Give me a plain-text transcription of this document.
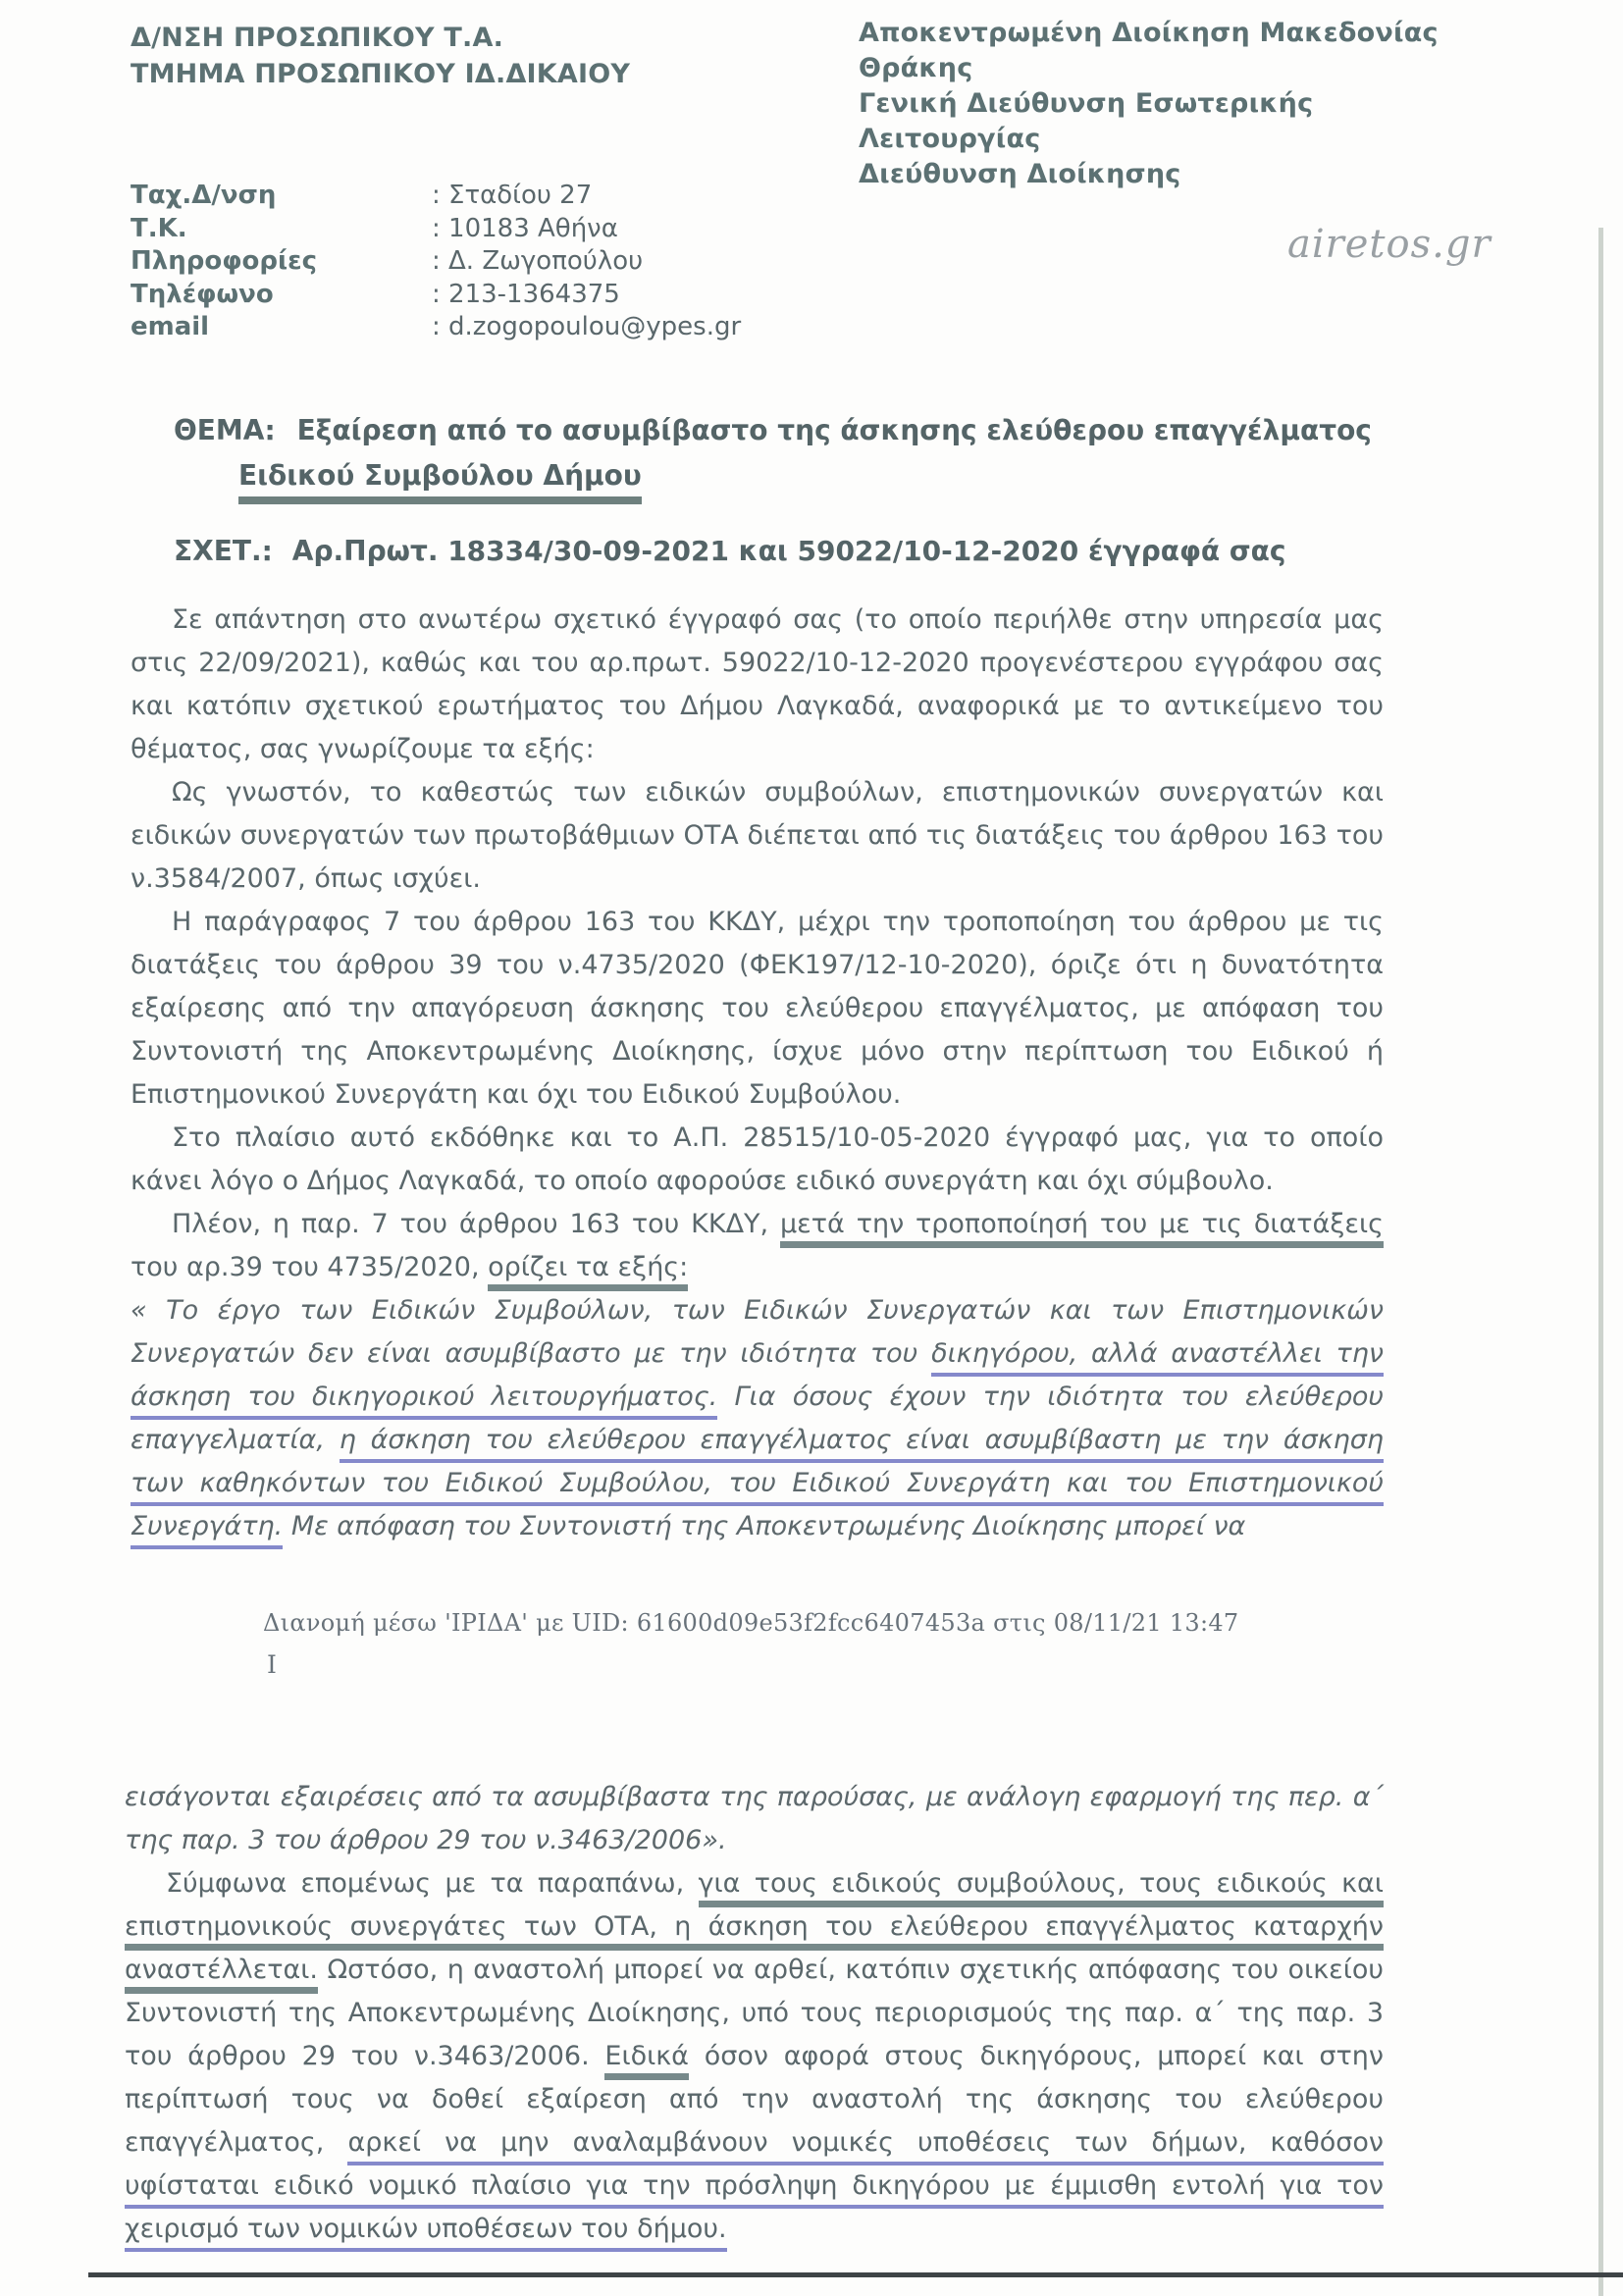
Δ/ΝΣΗ ΠΡΟΣΩΠΙΚΟΥ Τ.Α.
ΤΜΗΜΑ ΠΡΟΣΩΠΙΚΟΥ ΙΔ.ΔΙΚΑΙΟΥ
Αποκεντρωμένη Διοίκηση Μακεδονίας
Θράκης
Γενική Διεύθυνση Εσωτερικής Λειτουργίας
Διεύθυνση Διοίκησης
Ταχ.Δ/νση	: Σταδίου 27
Τ.Κ.	: 10183 Αθήνα
Πληροφορίες	: Δ. Ζωγοπούλου
Τηλέφωνο	: 213-1364375
email	: d.zogopoulou@ypes.gr
airetos.gr
ΘΕΜΑ: Εξαίρεση από το ασυμβίβαστο της άσκησης ελεύθερου επαγγέλματος
Ειδικού Συμβούλου Δήμου
ΣΧΕΤ.: Αρ.Πρωτ. 18334/30-09-2021 και 59022/10-12-2020 έγγραφά σας

Σε απάντηση στο ανωτέρω σχετικό έγγραφό σας (το οποίο περιήλθε στην υπηρεσία μας στις 22/09/2021), καθώς και του αρ.πρωτ. 59022/10-12-2020 προγενέστερου εγγράφου σας και κατόπιν σχετικού ερωτήματος του Δήμου Λαγκαδά, αναφορικά με το αντικείμενο του θέματος, σας γνωρίζουμε τα εξής:

Ως γνωστόν, το καθεστώς των ειδικών συμβούλων, επιστημονικών συνεργατών και ειδικών συνεργατών των πρωτοβάθμιων ΟΤΑ διέπεται από τις διατάξεις του άρθρου 163 του ν.3584/2007, όπως ισχύει.

Η παράγραφος 7 του άρθρου 163 του ΚΚΔΥ, μέχρι την τροποποίηση του άρθρου με τις διατάξεις του άρθρου 39 του ν.4735/2020 (ΦΕΚ197/12-10-2020), όριζε ότι η δυνατότητα εξαίρεσης από την απαγόρευση άσκησης του ελεύθερου επαγγέλματος, με απόφαση του Συντονιστή της Αποκεντρωμένης Διοίκησης, ίσχυε μόνο στην περίπτωση του Ειδικού ή Επιστημονικού Συνεργάτη και όχι του Ειδικού Συμβούλου.

Στο πλαίσιο αυτό εκδόθηκε και το Α.Π. 28515/10-05-2020 έγγραφό μας, για το οποίο κάνει λόγο ο Δήμος Λαγκαδά, το οποίο αφορούσε ειδικό συνεργάτη και όχι σύμβουλο.

Πλέον, η παρ. 7 του άρθρου 163 του ΚΚΔΥ, μετά την τροποποίησή του με τις διατάξεις του αρ.39 του 4735/2020, ορίζει τα εξής:

« Το έργο των Ειδικών Συμβούλων, των Ειδικών Συνεργατών και των Επιστημονικών Συνεργατών δεν είναι ασυμβίβαστο με την ιδιότητα του δικηγόρου, αλλά αναστέλλει την άσκηση του δικηγορικού λειτουργήματος. Για όσους έχουν την ιδιότητα του ελεύθερου επαγγελματία, η άσκηση του ελεύθερου επαγγέλματος είναι ασυμβίβαστη με την άσκηση των καθηκόντων του Ειδικού Συμβούλου, του Ειδικού Συνεργάτη και του Επιστημονικού Συνεργάτη. Με απόφαση του Συντονιστή της Αποκεντρωμένης Διοίκησης μπορεί να

Διανομή μέσω 'ΙΡΙΔΑ' με UID: 61600d09e53f2fcc6407453a στις 08/11/21 13:47
I

εισάγονται εξαιρέσεις από τα ασυμβίβαστα της παρούσας, με ανάλογη εφαρμογή της περ. α΄ της παρ. 3 του άρθρου 29 του ν.3463/2006».

Σύμφωνα επομένως με τα παραπάνω, για τους ειδικούς συμβούλους, τους ειδικούς και επιστημονικούς συνεργάτες των ΟΤΑ, η άσκηση του ελεύθερου επαγγέλματος καταρχήν αναστέλλεται. Ωστόσο, η αναστολή μπορεί να αρθεί, κατόπιν σχετικής απόφασης του οικείου Συντονιστή της Αποκεντρωμένης Διοίκησης, υπό τους περιορισμούς της παρ. α΄ της παρ. 3 του άρθρου 29 του ν.3463/2006. Ειδικά όσον αφορά στους δικηγόρους, μπορεί και στην περίπτωσή τους να δοθεί εξαίρεση από την αναστολή της άσκησης του ελεύθερου επαγγέλματος, αρκεί να μην αναλαμβάνουν νομικές υποθέσεις των δήμων, καθόσον υφίσταται ειδικό νομικό πλαίσιο για την πρόσληψη δικηγόρου με έμμισθη εντολή για τον χειρισμό των νομικών υποθέσεων του δήμου.
